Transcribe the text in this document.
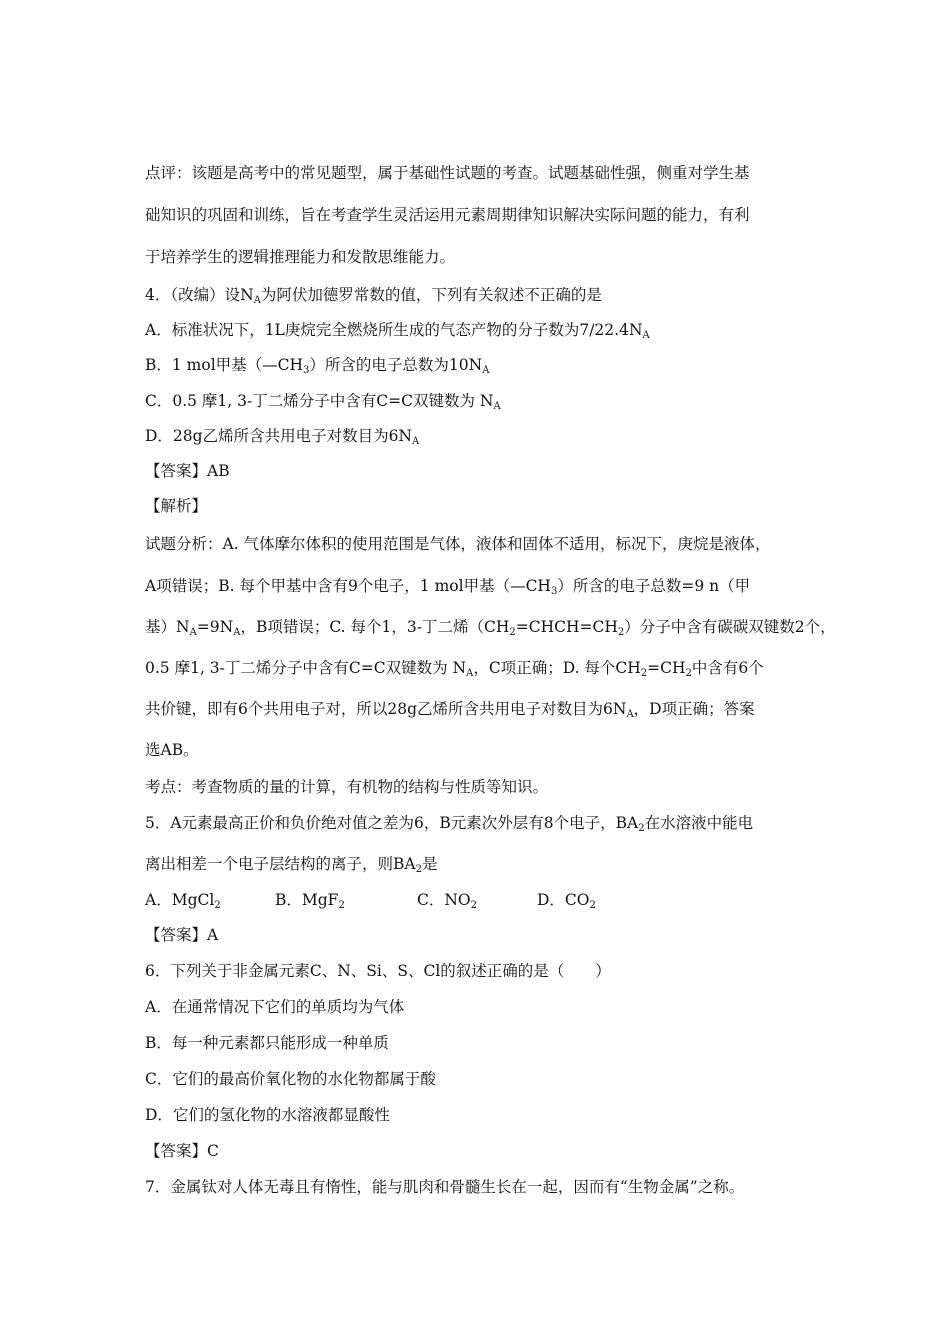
点评：该题是高考中的常见题型，属于基础性试题的考查。试题基础性强，侧重对学生基
础知识的巩固和训练，旨在考查学生灵活运用元素周期律知识解决实际问题的能力，有利
于培养学生的逻辑推理能力和发散思维能力。
4．（改编）设$N_A$为阿伏加德罗常数的值，下列有关叙述不正确的是
A．标准状况下，1L庚烷完全燃烧所生成的气态产物的分子数为$7/22.4N_A$
B．1 mol甲基$(—CH_3)$所含的电子总数为$10N_A$
C．0.5 摩1, 3-丁二烯分子中含有C=C双键数为 $N_A$
D．28g乙烯所含共用电子对数目为$6N_A$
【答案】AB
【解析】
试题分析：A. 气体摩尔体积的使用范围是气体，液体和固体不适用，标况下，庚烷是液体，
A项错误；B. 每个甲基中含有9个电子，1 mol甲基$(—CH_3)$所含的电子总数=9 n（甲
基）$N_A=9N_A$，B项错误；C. 每个1，3-丁二烯$(CH_2=CHCH=CH_2)$分子中含有碳碳双键数2个，
0.5 摩1, 3-丁二烯分子中含有C=C双键数为 $N_A$，C项正确；D. 每个$CH_2=CH_2$中含有6个
共价键，即有6个共用电子对，所以28g乙烯所含共用电子对数目为$6N_A$，D项正确；答案
选AB。
考点：考查物质的量的计算，有机物的结构与性质等知识。
5．A元素最高正价和负价绝对值之差为6，B元素次外层有8个电子，$BA_2$在水溶液中能电
离出相差一个电子层结构的离子，则$BA_2$是
A．MgCl$_2$	B．MgF$_2$	C．$NO_2$	D．$CO_2$
【答案】A
6．下列关于非金属元素C、N、Si、S、Cl的叙述正确的是（　　）
A．在通常情况下它们的单质均为气体
B．每一种元素都只能形成一种单质
C．它们的最高价氧化物的水化物都属于酸
D．它们的氢化物的水溶液都显酸性
【答案】C
7．金属钛对人体无毒且有惰性，能与肌肉和骨髓生长在一起，因而有“生物金属”之称。
